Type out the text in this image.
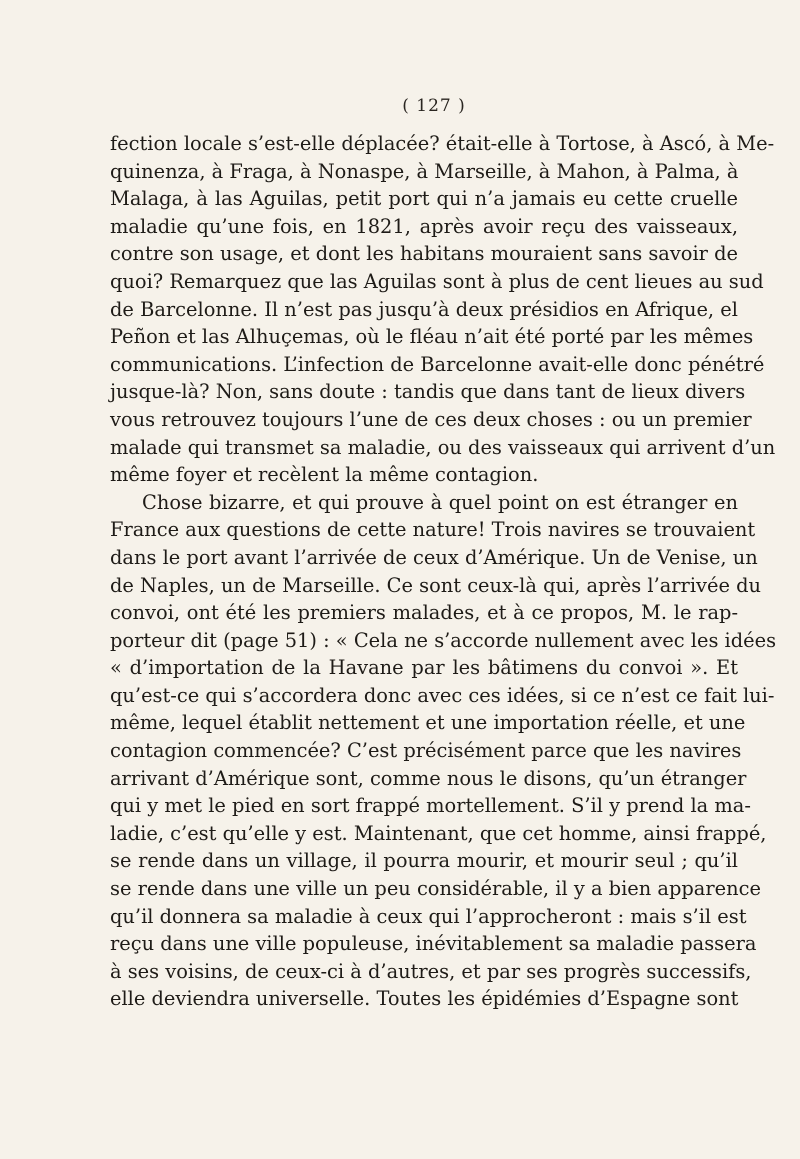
( 127 )

fection locale s’est-elle déplacée? était-elle à Tortose, à Ascó, à Me-
quinenza, à Fraga, à Nonaspe, à Marseille, à Mahon, à Palma, à
Malaga, à las Aguilas, petit port qui n’a jamais eu cette cruelle
maladie qu’une fois, en 1821, après avoir reçu des vaisseaux,
contre son usage, et dont les habitans mouraient sans savoir de
quoi? Remarquez que las Aguilas sont à plus de cent lieues au sud
de Barcelonne. Il n’est pas jusqu’à deux présidios en Afrique, el
Peñon et las Alhuçemas, où le fléau n’ait été porté par les mêmes
communications. L’infection de Barcelonne avait-elle donc pénétré
jusque-là? Non, sans doute : tandis que dans tant de lieux divers
vous retrouvez toujours l’une de ces deux choses : ou un premier
malade qui transmet sa maladie, ou des vaisseaux qui arrivent d’un
même foyer et recèlent la même contagion.

Chose bizarre, et qui prouve à quel point on est étranger en
France aux questions de cette nature! Trois navires se trouvaient
dans le port avant l’arrivée de ceux d’Amérique. Un de Venise, un
de Naples, un de Marseille. Ce sont ceux-là qui, après l’arrivée du
convoi, ont été les premiers malades, et à ce propos, M. le rap-
porteur dit (page 51) : « Cela ne s’accorde nullement avec les idées
« d’importation de la Havane par les bâtimens du convoi ». Et
qu’est-ce qui s’accordera donc avec ces idées, si ce n’est ce fait lui-
même, lequel établit nettement et une importation réelle, et une
contagion commencée? C’est précisément parce que les navires
arrivant d’Amérique sont, comme nous le disons, qu’un étranger
qui y met le pied en sort frappé mortellement. S’il y prend la ma-
ladie, c’est qu’elle y est. Maintenant, que cet homme, ainsi frappé,
se rende dans un village, il pourra mourir, et mourir seul ; qu’il
se rende dans une ville un peu considérable, il y a bien apparence
qu’il donnera sa maladie à ceux qui l’approcheront : mais s’il est
reçu dans une ville populeuse, inévitablement sa maladie passera
à ses voisins, de ceux-ci à d’autres, et par ses progrès successifs,
elle deviendra universelle. Toutes les épidémies d’Espagne sont
